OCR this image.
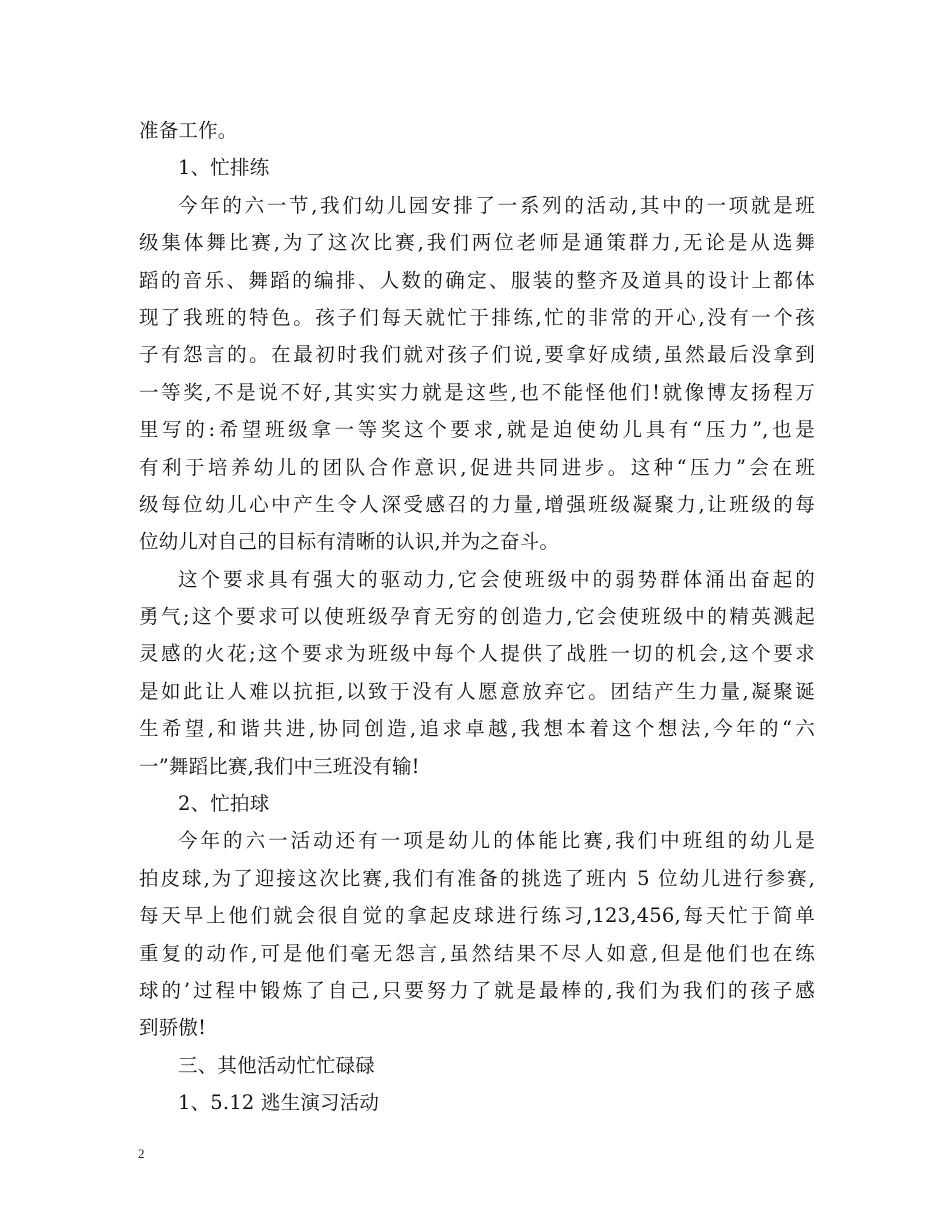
准备工作。
1、忙排练
今年的六一节,我们幼儿园安排了一系列的活动,其中的一项就是班
级集体舞比赛,为了这次比赛,我们两位老师是通策群力,无论是从选舞
蹈的音乐、舞蹈的编排、人数的确定、服装的整齐及道具的设计上都体
现了我班的特色。孩子们每天就忙于排练,忙的非常的开心,没有一个孩
子有怨言的。在最初时我们就对孩子们说,要拿好成绩,虽然最后没拿到
一等奖,不是说不好,其实实力就是这些,也不能怪他们!就像博友扬程万
里写的:希望班级拿一等奖这个要求,就是迫使幼儿具有“压力”,也是
有利于培养幼儿的团队合作意识,促进共同进步。这种“压力”会在班
级每位幼儿心中产生令人深受感召的力量,增强班级凝聚力,让班级的每
位幼儿对自己的目标有清晰的认识,并为之奋斗。
这个要求具有强大的驱动力,它会使班级中的弱势群体涌出奋起的
勇气;这个要求可以使班级孕育无穷的创造力,它会使班级中的精英溅起
灵感的火花;这个要求为班级中每个人提供了战胜一切的机会,这个要求
是如此让人难以抗拒,以致于没有人愿意放弃它。团结产生力量,凝聚诞
生希望,和谐共进,协同创造,追求卓越,我想本着这个想法,今年的“六
一”舞蹈比赛,我们中三班没有输!
2、忙拍球
今年的六一活动还有一项是幼儿的体能比赛,我们中班组的幼儿是
拍皮球,为了迎接这次比赛,我们有准备的挑选了班内 5 位幼儿进行参赛,
每天早上他们就会很自觉的拿起皮球进行练习,123,456,每天忙于简单
重复的动作,可是他们毫无怨言,虽然结果不尽人如意,但是他们也在练
球的’过程中锻炼了自己,只要努力了就是最棒的,我们为我们的孩子感
到骄傲!
三、其他活动忙忙碌碌
1、5.12 逃生演习活动
2
